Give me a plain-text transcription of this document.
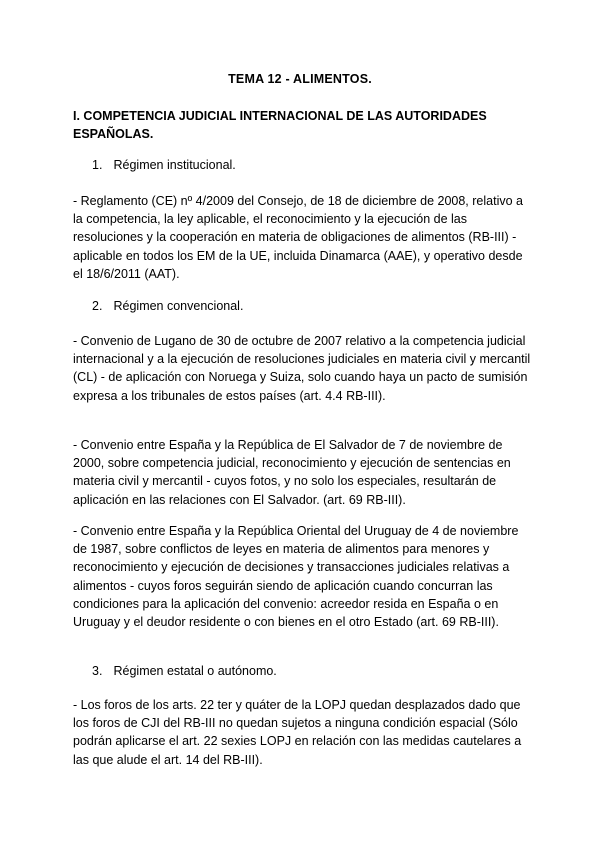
TEMA 12 - ALIMENTOS.
I. COMPETENCIA JUDICIAL INTERNACIONAL DE LAS AUTORIDADES ESPAÑOLAS.
1. Régimen institucional.

- Reglamento (CE) nº 4/2009 del Consejo, de 18 de diciembre de 2008, relativo a la competencia, la ley aplicable, el reconocimiento y la ejecución de las resoluciones y la cooperación en materia de obligaciones de alimentos (RB-III) - aplicable en todos los EM de la UE, incluida Dinamarca (AAE), y operativo desde el 18/6/2011 (AAT).

2. Régimen convencional.

- Convenio de Lugano de 30 de octubre de 2007 relativo a la competencia judicial internacional y a la ejecución de resoluciones judiciales en materia civil y mercantil (CL) - de aplicación con Noruega y Suiza, solo cuando haya un pacto de sumisión expresa a los tribunales de estos países (art. 4.4 RB-III).

- Convenio entre España y la República de El Salvador de 7 de noviembre de 2000, sobre competencia judicial, reconocimiento y ejecución de sentencias en materia civil y mercantil - cuyos fotos, y no solo los especiales, resultarán de aplicación en las relaciones con El Salvador. (art. 69 RB-III).

- Convenio entre España y la República Oriental del Uruguay de 4 de noviembre de 1987, sobre conflictos de leyes en materia de alimentos para menores y reconocimiento y ejecución de decisiones y transacciones judiciales relativas a alimentos - cuyos foros seguirán siendo de aplicación cuando concurran las condiciones para la aplicación del convenio: acreedor resida en España o en Uruguay y el deudor residente o con bienes en el otro Estado (art. 69 RB-III).

3. Régimen estatal o autónomo.

- Los foros de los arts. 22 ter y quáter de la LOPJ quedan desplazados dado que los foros de CJI del RB-III no quedan sujetos a ninguna condición espacial (Sólo podrán aplicarse el art. 22 sexies LOPJ en relación con las medidas cautelares a las que alude el art. 14 del RB-III).
